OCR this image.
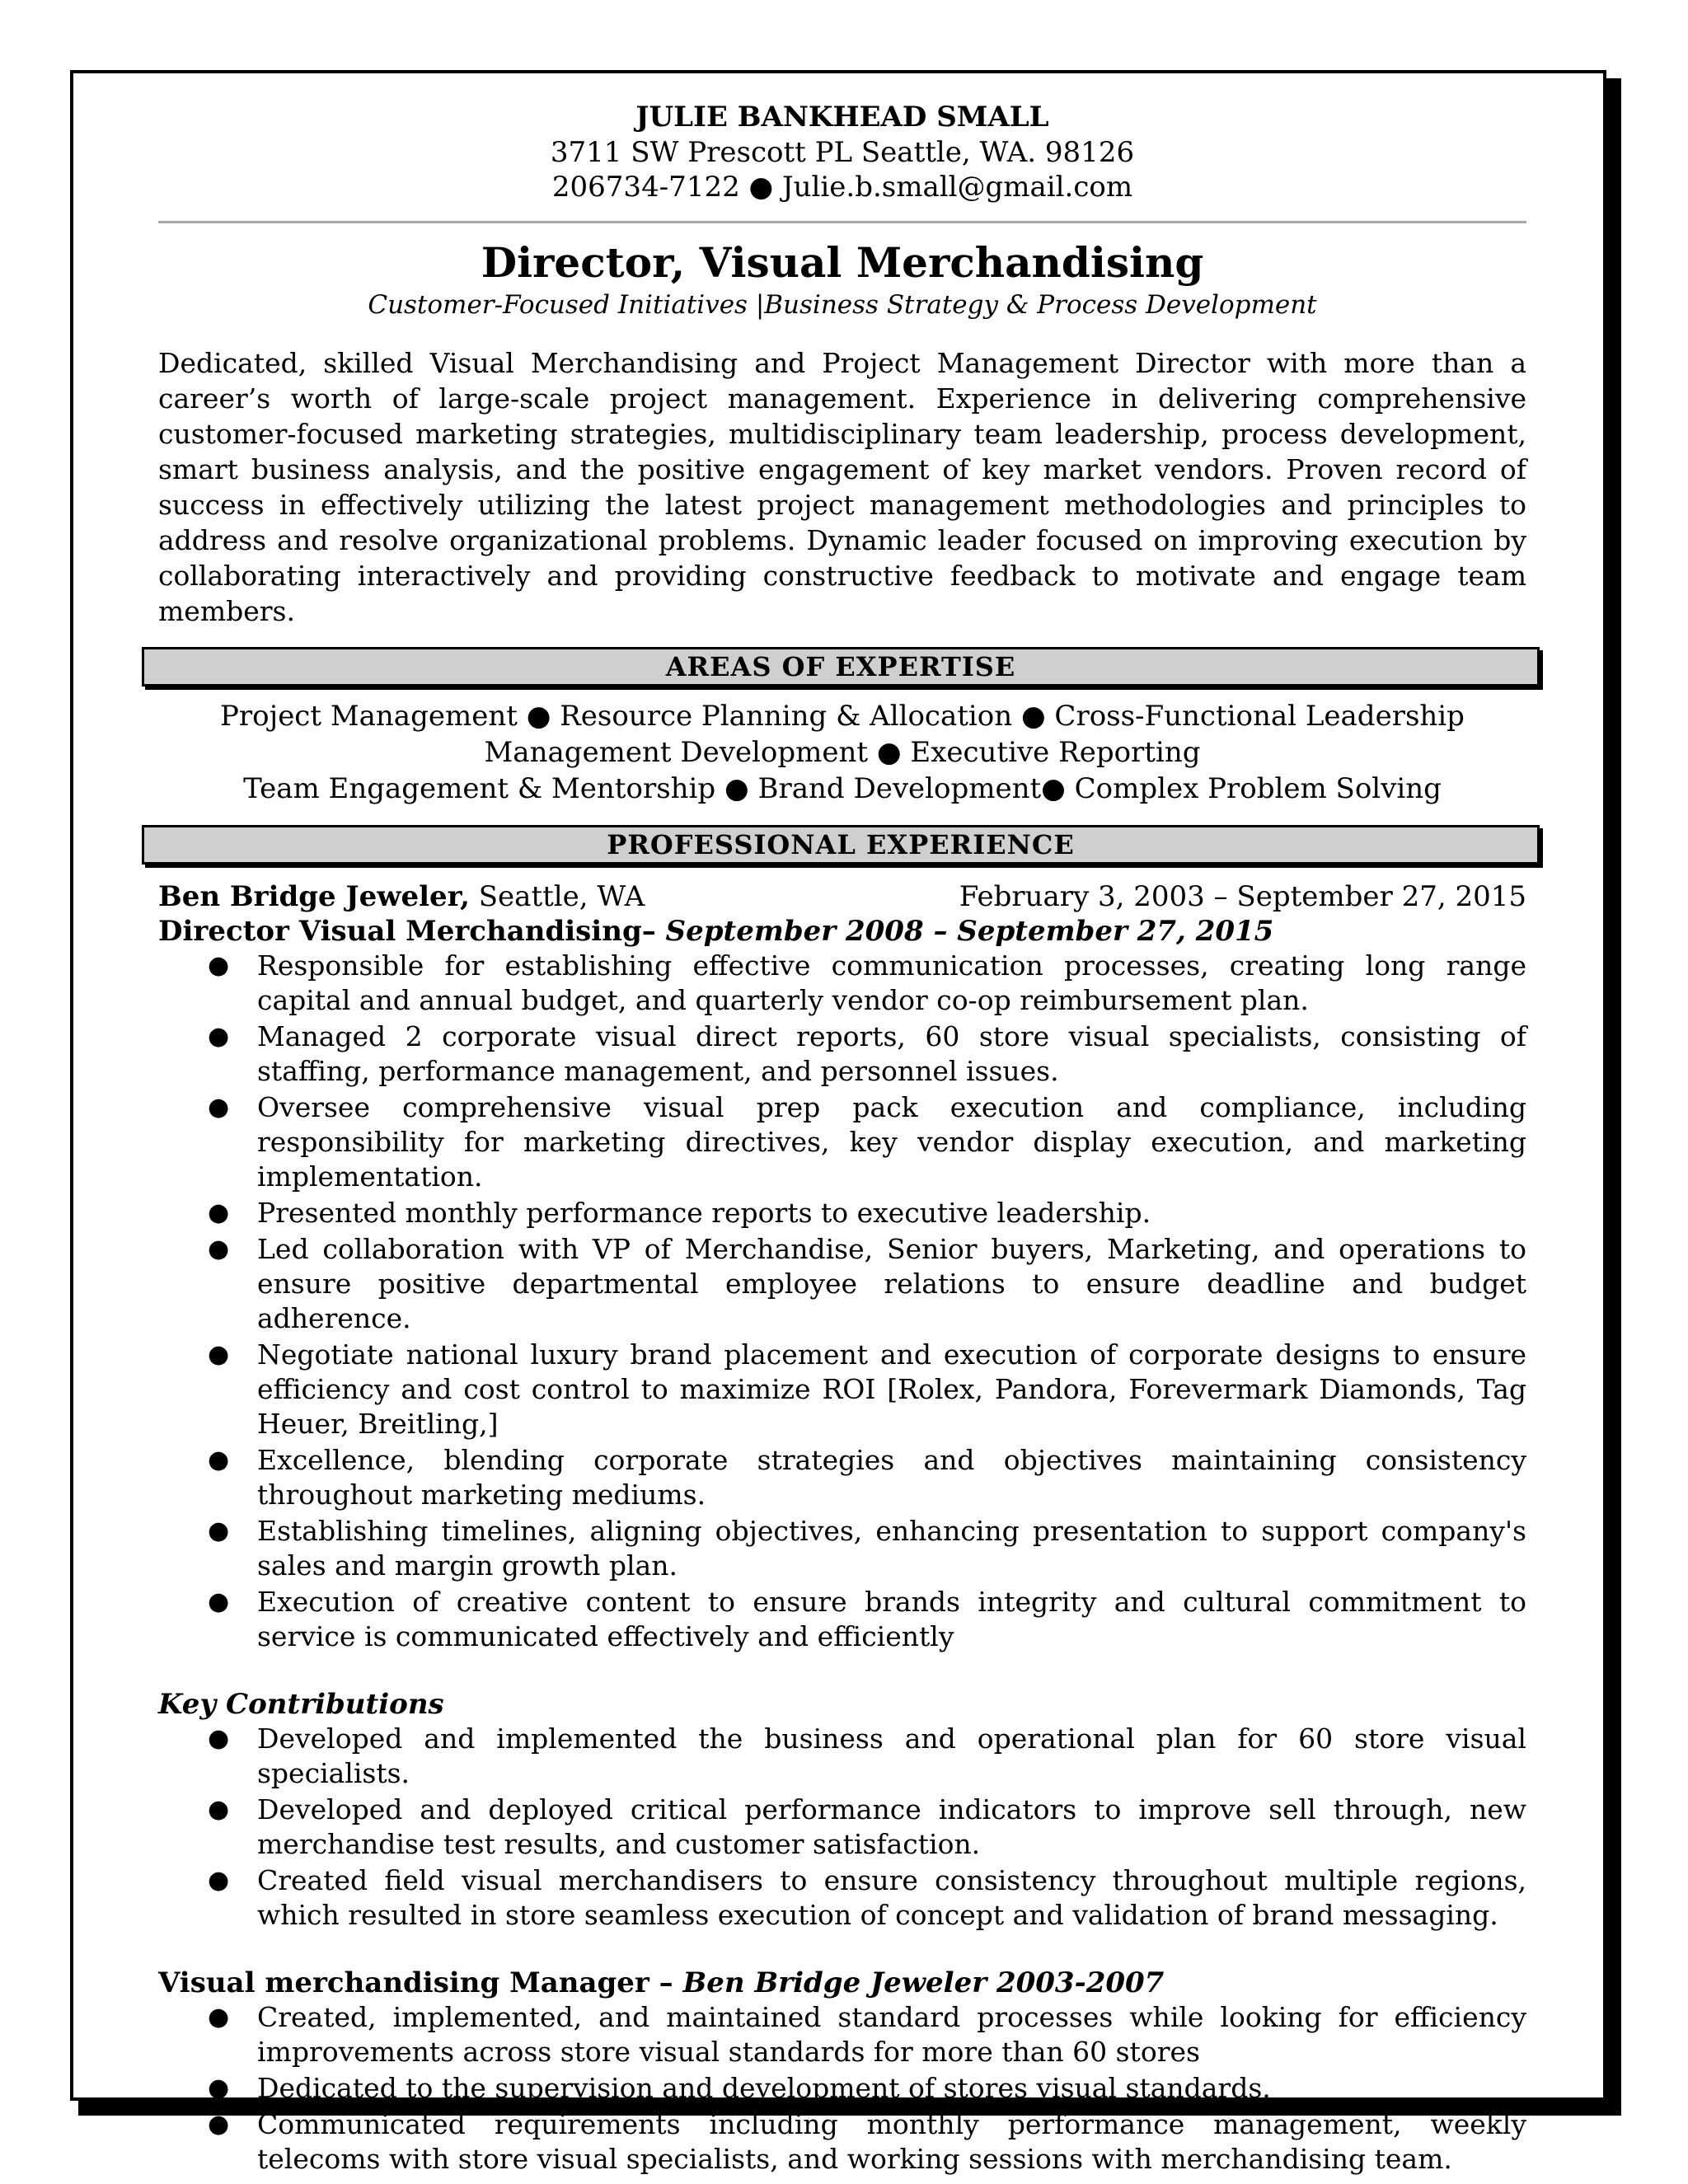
JULIE BANKHEAD SMALL
3711 SW Prescott PL Seattle, WA. 98126
206734-7122 ● Julie.b.small@gmail.com
Director, Visual Merchandising
Customer-Focused Initiatives |Business Strategy & Process Development
Dedicated, skilled Visual Merchandising and Project Management Director with more than a career’s worth of large-scale project management. Experience in delivering comprehensive customer-focused marketing strategies, multidisciplinary team leadership, process development, smart business analysis, and the positive engagement of key market vendors. Proven record of success in effectively utilizing the latest project management methodologies and principles to address and resolve organizational problems. Dynamic leader focused on improving execution by collaborating interactively and providing constructive feedback to motivate and engage team members.
AREAS OF EXPERTISE
Project Management ● Resource Planning & Allocation ● Cross-Functional Leadership
Management Development ● Executive Reporting
Team Engagement & Mentorship ● Brand Development● Complex Problem Solving
PROFESSIONAL EXPERIENCE
Ben Bridge Jeweler, Seattle, WA	February 3, 2003 – September 27, 2015
Director Visual Merchandising– September 2008 – September 27, 2015
● Responsible for establishing effective communication processes, creating long range capital and annual budget, and quarterly vendor co-op reimbursement plan.
● Managed 2 corporate visual direct reports, 60 store visual specialists, consisting of staffing, performance management, and personnel issues.
● Oversee comprehensive visual prep pack execution and compliance, including responsibility for marketing directives, key vendor display execution, and marketing implementation.
● Presented monthly performance reports to executive leadership.
● Led collaboration with VP of Merchandise, Senior buyers, Marketing, and operations to ensure positive departmental employee relations to ensure deadline and budget adherence.
● Negotiate national luxury brand placement and execution of corporate designs to ensure efficiency and cost control to maximize ROI [Rolex, Pandora, Forevermark Diamonds, Tag Heuer, Breitling,]
● Excellence, blending corporate strategies and objectives maintaining consistency throughout marketing mediums.
● Establishing timelines, aligning objectives, enhancing presentation to support company's sales and margin growth plan.
● Execution of creative content to ensure brands integrity and cultural commitment to service is communicated effectively and efficiently
Key Contributions
● Developed and implemented the business and operational plan for 60 store visual specialists.
● Developed and deployed critical performance indicators to improve sell through, new merchandise test results, and customer satisfaction.
● Created field visual merchandisers to ensure consistency throughout multiple regions, which resulted in store seamless execution of concept and validation of brand messaging.
Visual merchandising Manager – Ben Bridge Jeweler 2003-2007
● Created, implemented, and maintained standard processes while looking for efficiency improvements across store visual standards for more than 60 stores
● Dedicated to the supervision and development of stores visual standards.
● Communicated requirements including monthly performance management, weekly telecoms with store visual specialists, and working sessions with merchandising team.
